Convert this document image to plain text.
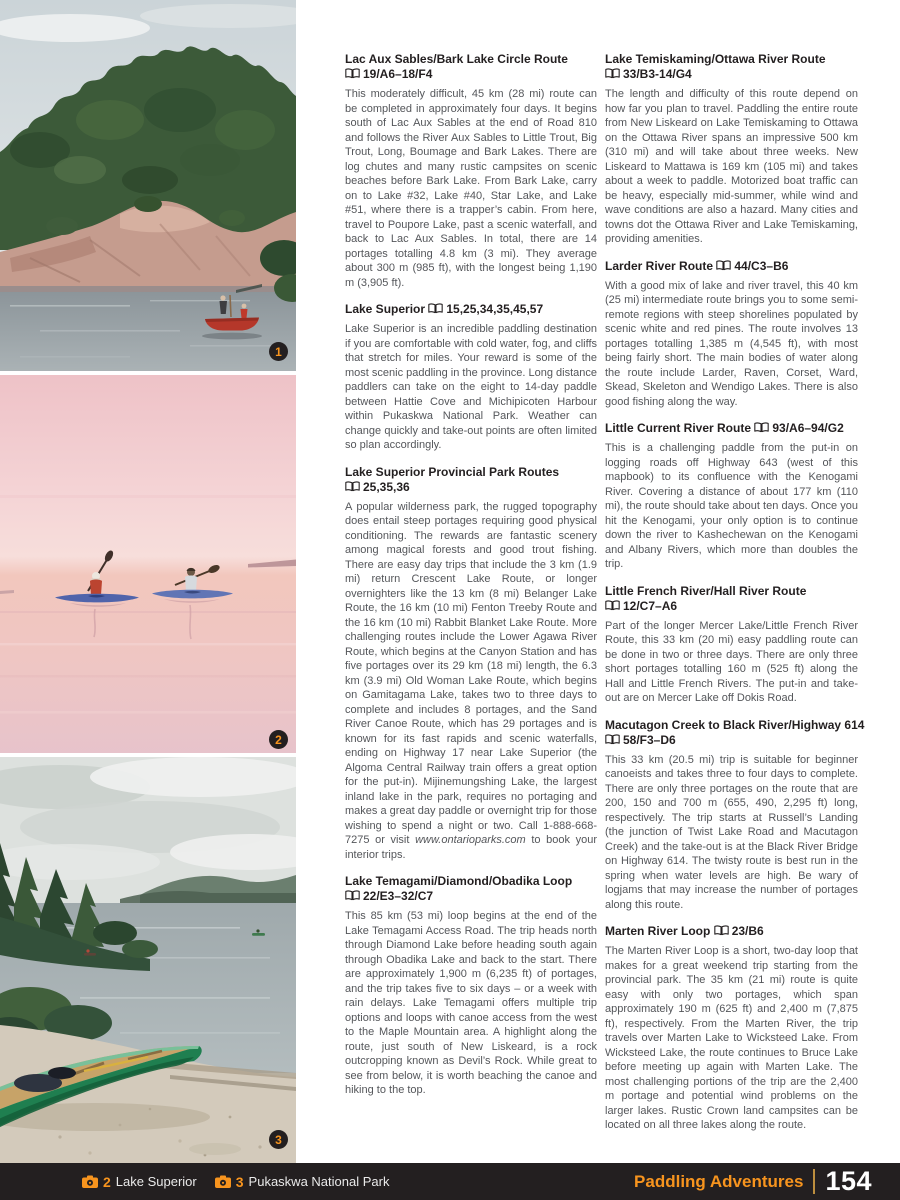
1
2
3
Lac Aux Sables/Bark Lake Circle Route
19/A6–18/F4

This moderately difficult, 45 km (28 mi) route can be completed in approximately four days. It begins south of Lac Aux Sables at the end of Road 810 and follows the River Aux Sables to Little Trout, Big Trout, Long, Boumage and Bark Lakes. There are log chutes and many rustic campsites on scenic beaches before Bark Lake. From Bark Lake, carry on to Lake #32, Lake #40, Star Lake, and Lake #51, where there is a trapper’s cabin. From here, travel to Poupore Lake, past a scenic waterfall, and back to Lac Aux Sables. In total, there are 14 portages totalling 4.8 km (3 mi). They average about 300 m (985 ft), with the longest being 1,190 m (3,905 ft).

Lake Superior 15,25,34,35,45,57

Lake Superior is an incredible paddling destination if you are comfortable with cold water, fog, and cliffs that stretch for miles. Your reward is some of the most scenic paddling in the province. Long distance paddlers can take on the eight to 14-day paddle between Hattie Cove and Michipicoten Harbour within Pukaskwa National Park. Weather can change quickly and take-out points are often limited so plan accordingly.

Lake Superior Provincial Park Routes
25,35,36

A popular wilderness park, the rugged topography does entail steep portages requiring good physical conditioning. The rewards are fantastic scenery among magical forests and good trout fishing. There are easy day trips that include the 3 km (1.9 mi) return Crescent Lake Route, or longer overnighters like the 13 km (8 mi) Belanger Lake Route, the 16 km (10 mi) Fenton Treeby Route and the 16 km (10 mi) Rabbit Blanket Lake Route. More challenging routes include the Lower Agawa River Route, which begins at the Canyon Station and has five portages over its 29 km (18 mi) length, the 6.3 km (3.9 mi) Old Woman Lake Route, which begins on Gamitagama Lake, takes two to three days to complete and includes 8 portages, and the Sand River Canoe Route, which has 29 portages and is known for its fast rapids and scenic waterfalls, ending on Highway 17 near Lake Superior (the Algoma Central Railway train offers a great option for the put-in). Mijinemungshing Lake, the largest inland lake in the park, requires no portaging and makes a great day paddle or overnight trip for those wishing to spend a night or two. Call 1-888-668-7275 or visit www.ontarioparks.com to book your interior trips.

Lake Temagami/Diamond/Obadika Loop
22/E3–32/C7

This 85 km (53 mi) loop begins at the end of the Lake Temagami Access Road. The trip heads north through Diamond Lake before heading south again through Obadika Lake and back to the start. There are approximately 1,900 m (6,235 ft) of portages, and the trip takes five to six days – or a week with rain delays. Lake Temagami offers multiple trip options and loops with canoe access from the west to the Maple Mountain area. A highlight along the route, just south of New Liskeard, is a rock outcropping known as Devil’s Rock. While great to see from below, it is worth beaching the canoe and hiking to the top.

Lake Temiskaming/Ottawa River Route
33/B3-14/G4

The length and difficulty of this route depend on how far you plan to travel. Paddling the entire route from New Liskeard on Lake Temiskaming to Ottawa on the Ottawa River spans an impressive 500 km (310 mi) and will take about three weeks. New Liskeard to Mattawa is 169 km (105 mi) and takes about a week to paddle. Motorized boat traffic can be heavy, especially mid-summer, while wind and wave conditions are also a hazard. Many cities and towns dot the Ottawa River and Lake Temiskaming, providing amenities.

Larder River Route 44/C3–B6

With a good mix of lake and river travel, this 40 km (25 mi) intermediate route brings you to some semi-remote regions with steep shorelines populated by scenic white and red pines. The route involves 13 portages totalling 1,385 m (4,545 ft), with most being fairly short. The main bodies of water along the route include Larder, Raven, Corset, Ward, Skead, Skeleton and Wendigo Lakes. There is also good fishing along the way.

Little Current River Route 93/A6–94/G2

This is a challenging paddle from the put-in on logging roads off Highway 643 (west of this mapbook) to its confluence with the Kenogami River. Covering a distance of about 177 km (110 mi), the route should take about ten days. Once you hit the Kenogami, your only option is to continue down the river to Kashechewan on the Kenogami and Albany Rivers, which more than doubles the trip.

Little French River/Hall River Route
12/C7–A6

Part of the longer Mercer Lake/Little French River Route, this 33 km (20 mi) easy paddling route can be done in two or three days. There are only three short portages totalling 160 m (525 ft) along the Hall and Little French Rivers. The put-in and take-out are on Mercer Lake off Dokis Road.

Macutagon Creek to Black River/Highway 614
58/F3–D6

This 33 km (20.5 mi) trip is suitable for beginner canoeists and takes three to four days to complete. There are only three portages on the route that are 200, 150 and 700 m (655, 490, 2,295 ft) long, respectively. The trip starts at Russell’s Landing (the junction of Twist Lake Road and Macutagon Creek) and the take-out is at the Black River Bridge on Highway 614. The twisty route is best run in the spring when water levels are high. Be wary of logjams that may increase the number of portages along this route.

Marten River Loop 23/B6

The Marten River Loop is a short, two-day loop that makes for a great weekend trip starting from the provincial park. The 35 km (21 mi) route is quite easy with only two portages, which span approximately 190 m (625 ft) and 2,400 m (7,875 ft), respectively. From the Marten River, the trip travels over Marten Lake to Wicksteed Lake. From Wicksteed Lake, the route continues to Bruce Lake before meeting up again with Marten Lake. The most challenging portions of the trip are the 2,400 m portage and potential wind problems on the larger lakes. Rustic Crown land campsites can be located on all three lakes along the route.

2 Lake Superior	3 Pukaskwa National Park	Paddling Adventures 154
